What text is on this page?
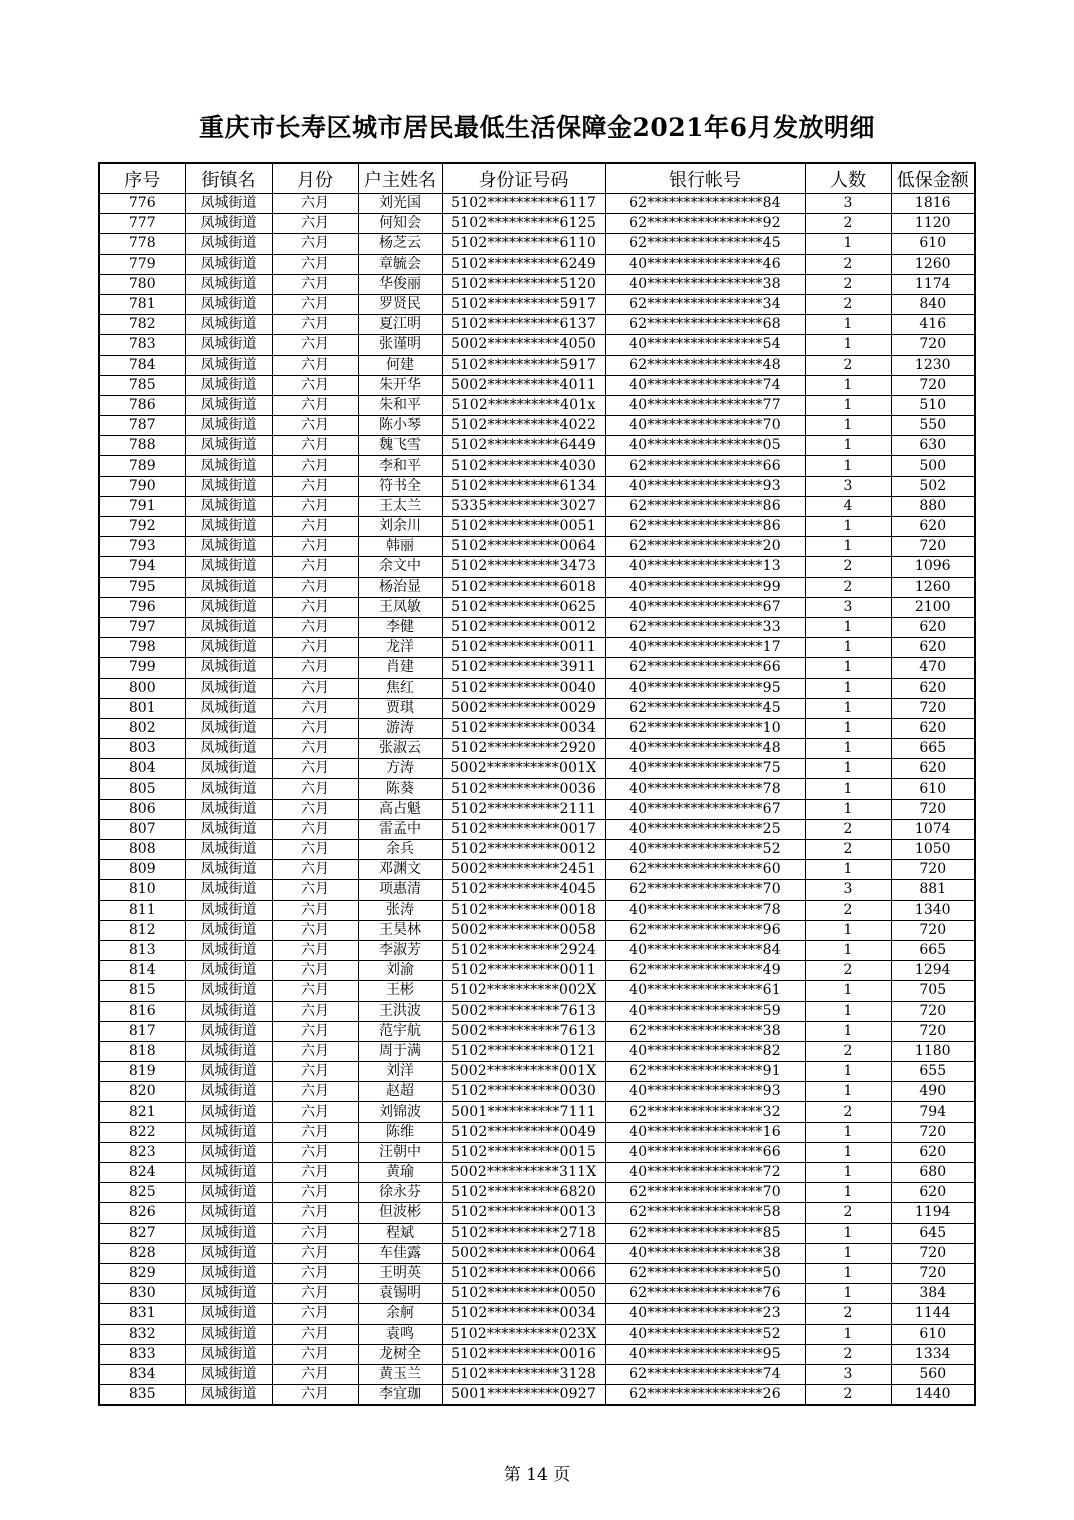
重庆市长寿区城市居民最低生活保障金2021年6月发放明细
序号	街镇名	月份	户主姓名	身份证号码	银行帐号	人数	低保金额
776	凤城街道	六月	刘光国	5102**********6117	62****************84	3	1816
777	凤城街道	六月	何知会	5102**********6125	62****************92	2	1120
778	凤城街道	六月	杨芝云	5102**********6110	62****************45	1	610
779	凤城街道	六月	章毓会	5102**********6249	40****************46	2	1260
780	凤城街道	六月	华俊丽	5102**********5120	40****************38	2	1174
781	凤城街道	六月	罗贤民	5102**********5917	62****************34	2	840
782	凤城街道	六月	夏江明	5102**********6137	62****************68	1	416
783	凤城街道	六月	张谨明	5002**********4050	40****************54	1	720
784	凤城街道	六月	何建	5102**********5917	62****************48	2	1230
785	凤城街道	六月	朱开华	5002**********4011	40****************74	1	720
786	凤城街道	六月	朱和平	5102**********401x	40****************77	1	510
787	凤城街道	六月	陈小琴	5102**********4022	40****************70	1	550
788	凤城街道	六月	魏飞雪	5102**********6449	40****************05	1	630
789	凤城街道	六月	李和平	5102**********4030	62****************66	1	500
790	凤城街道	六月	符书全	5102**********6134	40****************93	3	502
791	凤城街道	六月	王太兰	5335**********3027	62****************86	4	880
792	凤城街道	六月	刘余川	5102**********0051	62****************86	1	620
793	凤城街道	六月	韩丽	5102**********0064	62****************20	1	720
794	凤城街道	六月	余文中	5102**********3473	40****************13	2	1096
795	凤城街道	六月	杨治显	5102**********6018	40****************99	2	1260
796	凤城街道	六月	王凤敏	5102**********0625	40****************67	3	2100
797	凤城街道	六月	李健	5102**********0012	62****************33	1	620
798	凤城街道	六月	龙洋	5102**********0011	40****************17	1	620
799	凤城街道	六月	肖建	5102**********3911	62****************66	1	470
800	凤城街道	六月	焦红	5102**********0040	40****************95	1	620
801	凤城街道	六月	贾琪	5002**********0029	62****************45	1	720
802	凤城街道	六月	游涛	5102**********0034	62****************10	1	620
803	凤城街道	六月	张淑云	5102**********2920	40****************48	1	665
804	凤城街道	六月	方涛	5002**********001X	40****************75	1	620
805	凤城街道	六月	陈葵	5102**********0036	40****************78	1	610
806	凤城街道	六月	高占魁	5102**********2111	40****************67	1	720
807	凤城街道	六月	雷孟中	5102**********0017	40****************25	2	1074
808	凤城街道	六月	余兵	5102**********0012	40****************52	2	1050
809	凤城街道	六月	邓渊文	5002**********2451	62****************60	1	720
810	凤城街道	六月	项惠清	5102**********4045	62****************70	3	881
811	凤城街道	六月	张涛	5102**********0018	40****************78	2	1340
812	凤城街道	六月	王昊林	5002**********0058	62****************96	1	720
813	凤城街道	六月	李淑芳	5102**********2924	40****************84	1	665
814	凤城街道	六月	刘渝	5102**********0011	62****************49	2	1294
815	凤城街道	六月	王彬	5102**********002X	40****************61	1	705
816	凤城街道	六月	王洪波	5002**********7613	40****************59	1	720
817	凤城街道	六月	范宇航	5002**********7613	62****************38	1	720
818	凤城街道	六月	周于满	5102**********0121	40****************82	2	1180
819	凤城街道	六月	刘洋	5002**********001X	62****************91	1	655
820	凤城街道	六月	赵超	5102**********0030	40****************93	1	490
821	凤城街道	六月	刘锦波	5001**********7111	62****************32	2	794
822	凤城街道	六月	陈维	5102**********0049	40****************16	1	720
823	凤城街道	六月	汪朝中	5102**********0015	40****************66	1	620
824	凤城街道	六月	黄瑜	5002**********311X	40****************72	1	680
825	凤城街道	六月	徐永芬	5102**********6820	62****************70	1	620
826	凤城街道	六月	但波彬	5102**********0013	62****************58	2	1194
827	凤城街道	六月	程斌	5102**********2718	62****************85	1	645
828	凤城街道	六月	车佳露	5002**********0064	40****************38	1	720
829	凤城街道	六月	王明英	5102**********0066	62****************50	1	720
830	凤城街道	六月	袁锡明	5102**********0050	62****************76	1	384
831	凤城街道	六月	余舸	5102**********0034	40****************23	2	1144
832	凤城街道	六月	袁鸣	5102**********023X	40****************52	1	610
833	凤城街道	六月	龙树全	5102**********0016	40****************95	2	1334
834	凤城街道	六月	黄玉兰	5102**********3128	62****************74	3	560
835	凤城街道	六月	李宜珈	5001**********0927	62****************26	2	1440
第 14 页
